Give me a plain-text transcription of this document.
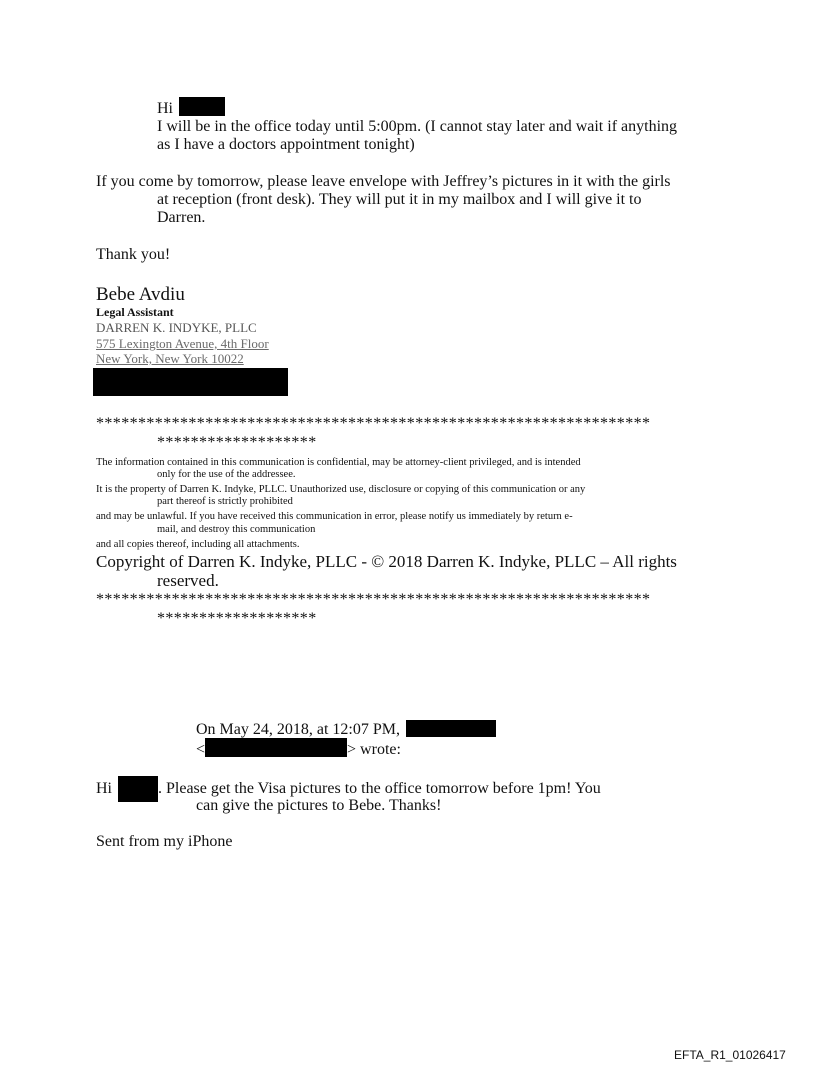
Hi
I will be in the office today until 5:00pm. (I cannot stay later and wait if anything
as I have a doctors appointment tonight)
If you come by tomorrow, please leave envelope with Jeffrey’s pictures in it with the girls
at reception (front desk). They will put it in my mailbox and I will give it to
Darren.
Thank you!
Bebe Avdiu
Legal Assistant
DARREN K. INDYKE, PLLC
575 Lexington Avenue, 4th Floor
New York, New York 10022
******************************************************************
*******************
The information contained in this communication is confidential, may be attorney-client privileged, and is intended
only for the use of the addressee.
It is the property of Darren K. Indyke, PLLC. Unauthorized use, disclosure or copying of this communication or any
part thereof is strictly prohibited
and may be unlawful. If you have received this communication in error, please notify us immediately by return e-
mail, and destroy this communication
and all copies thereof, including all attachments.
Copyright of Darren K. Indyke, PLLC - © 2018 Darren K. Indyke, PLLC – All rights
reserved.
******************************************************************
*******************
On May 24, 2018, at 12:07 PM,
<	> wrote:
Hi	. Please get the Visa pictures to the office tomorrow before 1pm! You
can give the pictures to Bebe. Thanks!
Sent from my iPhone
EFTA_R1_01026417
